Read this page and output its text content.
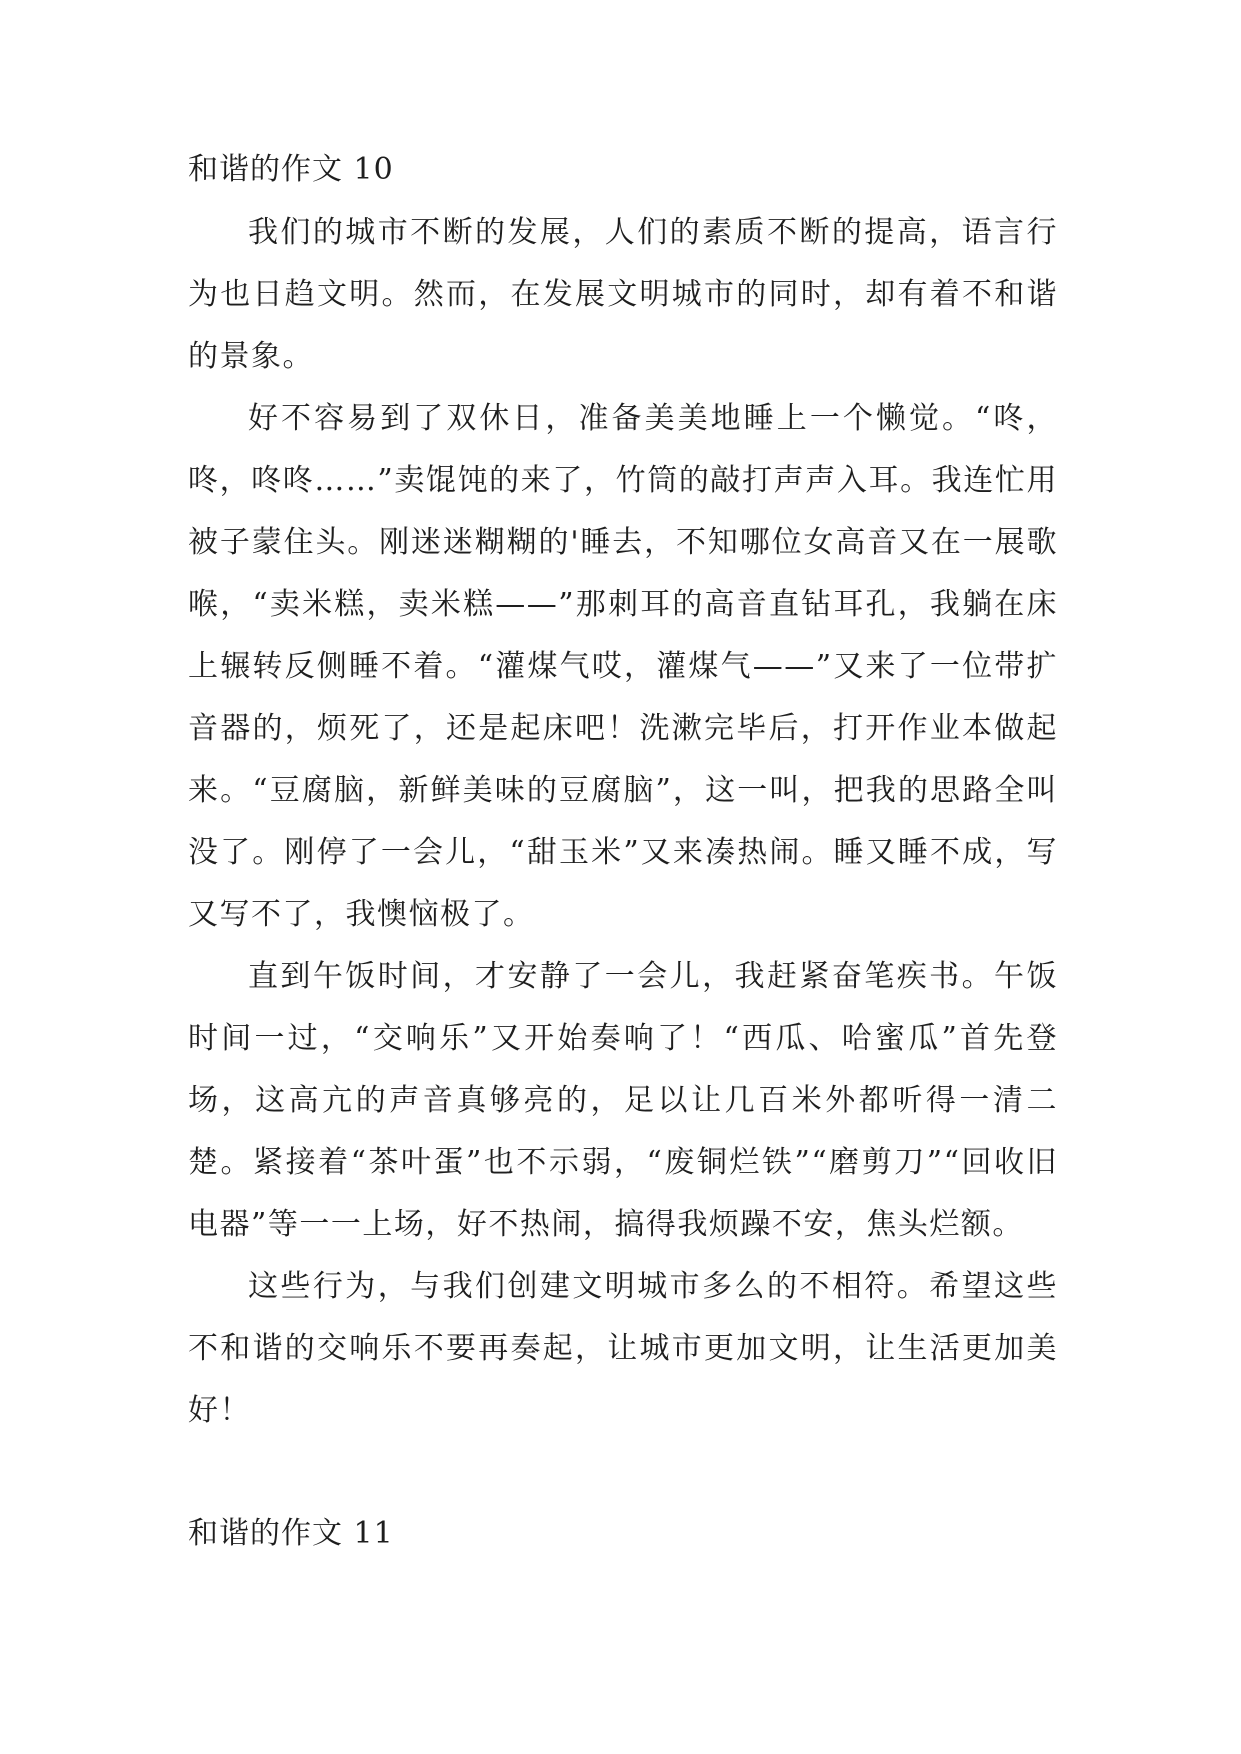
和谐的作文 10

我们的城市不断的发展，人们的素质不断的提高，语言行为也日趋文明。然而，在发展文明城市的同时，却有着不和谐的景象。

好不容易到了双休日，准备美美地睡上一个懒觉。“咚，咚，咚咚……”卖馄饨的来了，竹筒的敲打声声入耳。我连忙用被子蒙住头。刚迷迷糊糊的'睡去，不知哪位女高音又在一展歌喉，“卖米糕，卖米糕——”那刺耳的高音直钻耳孔，我躺在床上辗转反侧睡不着。“灌煤气哎，灌煤气——”又来了一位带扩音器的，烦死了，还是起床吧！洗漱完毕后，打开作业本做起来。“豆腐脑，新鲜美味的豆腐脑”，这一叫，把我的思路全叫没了。刚停了一会儿，“甜玉米”又来凑热闹。睡又睡不成，写又写不了，我懊恼极了。

直到午饭时间，才安静了一会儿，我赶紧奋笔疾书。午饭时间一过，“交响乐”又开始奏响了！“西瓜、哈蜜瓜”首先登场，这高亢的声音真够亮的，足以让几百米外都听得一清二楚。紧接着“茶叶蛋”也不示弱，“废铜烂铁”“磨剪刀”“回收旧电器”等一一上场，好不热闹，搞得我烦躁不安，焦头烂额。

这些行为，与我们创建文明城市多么的不相符。希望这些不和谐的交响乐不要再奏起，让城市更加文明，让生活更加美好！

和谐的作文 11
